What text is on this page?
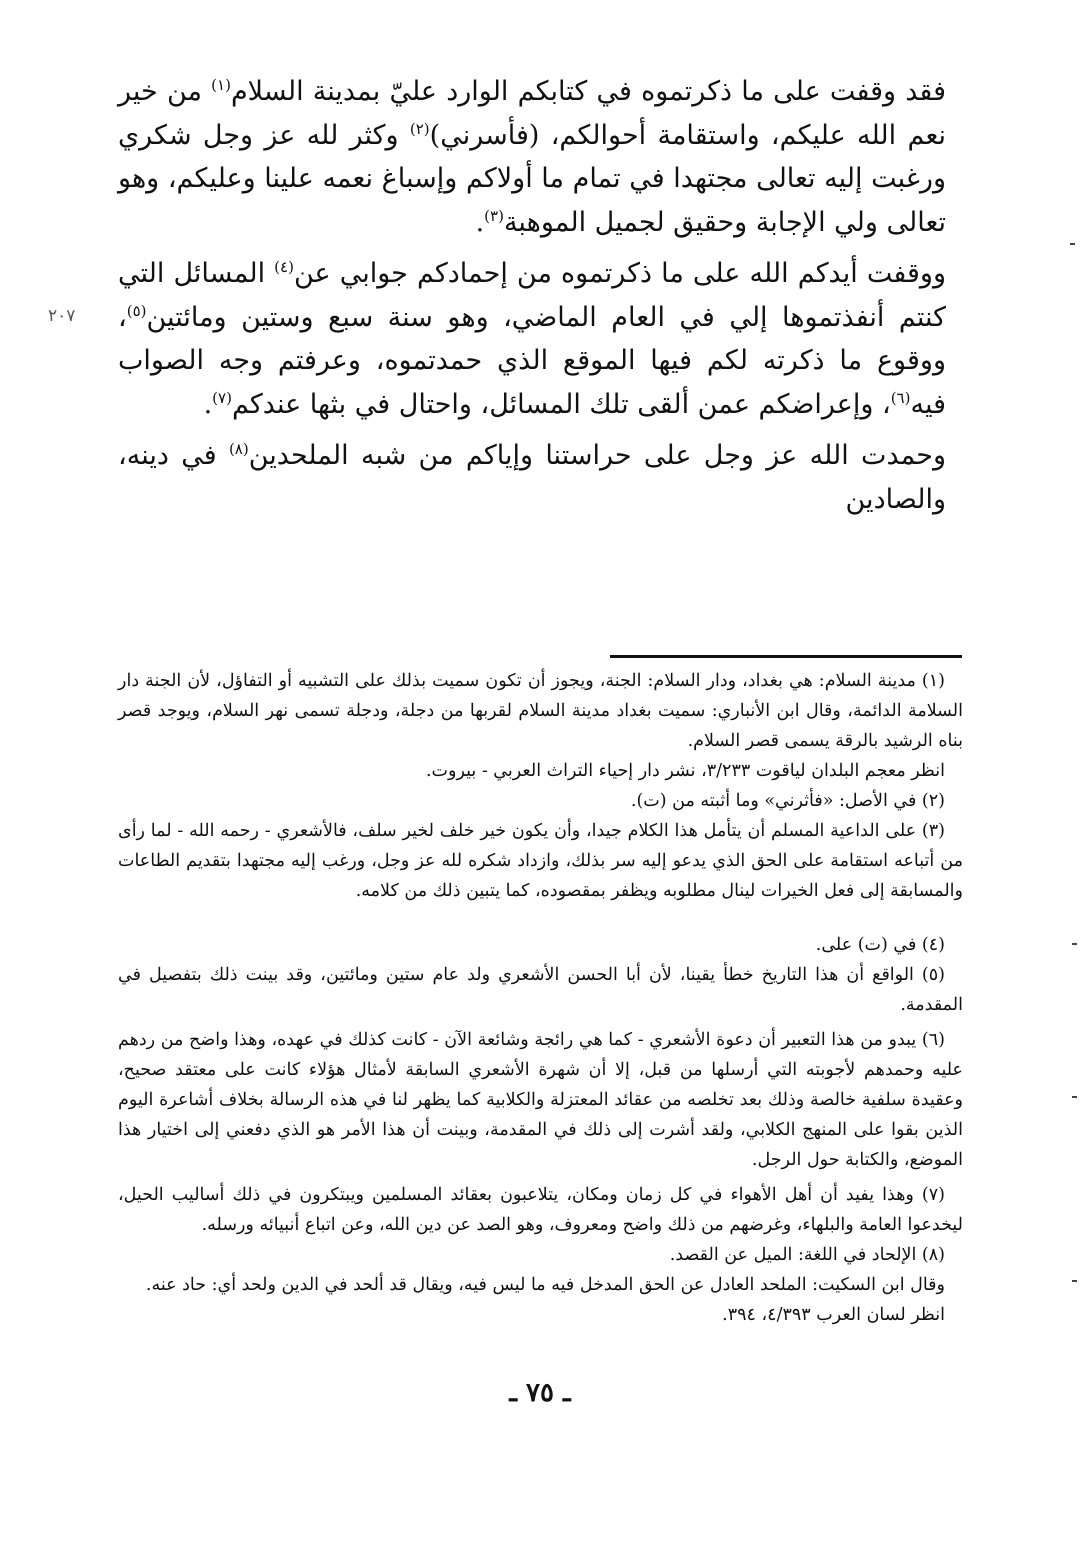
فقد وقفت على ما ذكرتموه في كتابكم الوارد عليّ بمدينة السلام$^{(١)}$ من خير نعم الله عليكم، واستقامة أحوالكم، (فأسرني)$^{(٢)}$ وكثر لله عز وجل شكري ورغبت إليه تعالى مجتهدا في تمام ما أولاكم وإسباغ نعمه علينا وعليكم، وهو تعالى ولي الإجابة وحقيق لجميل الموهبة$^{(٣)}$.

ووقفت أيدكم الله على ما ذكرتموه من إحمادكم جوابي عن$^{(٤)}$ المسائل التي كنتم أنفذتموها إلي في العام الماضي، وهو سنة سبع وستين ومائتين$^{(٥)}$، ووقوع ما ذكرته لكم فيها الموقع الذي حمدتموه، وعرفتم وجه الصواب فيه$^{(٦)}$، وإعراضكم عمن ألقى تلك المسائل، واحتال في بثها عندكم$^{(٧)}$.

وحمدت الله عز وجل على حراستنا وإياكم من شبه الملحدين$^{(٨)}$ في دينه، والصادين

٢٠٧

(١) مدينة السلام: هي بغداد، ودار السلام: الجنة، ويجوز أن تكون سميت بذلك على التشبيه أو التفاؤل، لأن الجنة دار السلامة الدائمة، وقال ابن الأنباري: سميت بغداد مدينة السلام لقربها من دجلة، ودجلة تسمى نهر السلام، ويوجد قصر بناه الرشيد بالرقة يسمى قصر السلام.

انظر معجم البلدان لياقوت ٣/٢٣٣، نشر دار إحياء التراث العربي - بيروت.

(٢) في الأصل: «فأثرني» وما أثبته من (ت).

(٣) على الداعية المسلم أن يتأمل هذا الكلام جيدا، وأن يكون خير خلف لخير سلف، فالأشعري - رحمه الله - لما رأى من أتباعه استقامة على الحق الذي يدعو إليه سر بذلك، وازداد شكره لله عز وجل، ورغب إليه مجتهدا بتقديم الطاعات والمسابقة إلى فعل الخيرات لينال مطلوبه ويظفر بمقصوده، كما يتبين ذلك من كلامه.

(٤) في (ت) على.

(٥) الواقع أن هذا التاريخ خطأ يقينا، لأن أبا الحسن الأشعري ولد عام ستين ومائتين، وقد بينت ذلك بتفصيل في المقدمة.

(٦) يبدو من هذا التعبير أن دعوة الأشعري - كما هي رائجة وشائعة الآن - كانت كذلك في عهده، وهذا واضح من ردهم عليه وحمدهم لأجوبته التي أرسلها من قبل، إلا أن شهرة الأشعري السابقة لأمثال هؤلاء كانت على معتقد صحيح، وعقيدة سلفية خالصة وذلك بعد تخلصه من عقائد المعتزلة والكلابية كما يظهر لنا في هذه الرسالة بخلاف أشاعرة اليوم الذين بقوا على المنهج الكلابي، ولقد أشرت إلى ذلك في المقدمة، وبينت أن هذا الأمر هو الذي دفعني إلى اختيار هذا الموضع، والكتابة حول الرجل.

(٧) وهذا يفيد أن أهل الأهواء في كل زمان ومكان، يتلاعبون بعقائد المسلمين ويبتكرون في ذلك أساليب الحيل، ليخدعوا العامة والبلهاء، وغرضهم من ذلك واضح ومعروف، وهو الصد عن دين الله، وعن اتباع أنبيائه ورسله.

(٨) الإلحاد في اللغة: الميل عن القصد.

وقال ابن السكيت: الملحد العادل عن الحق المدخل فيه ما ليس فيه، ويقال قد ألحد في الدين ولحد أي: حاد عنه.

انظر لسان العرب ٤/٣٩٣، ٣٩٤.

ـ ٧٥ ـ
